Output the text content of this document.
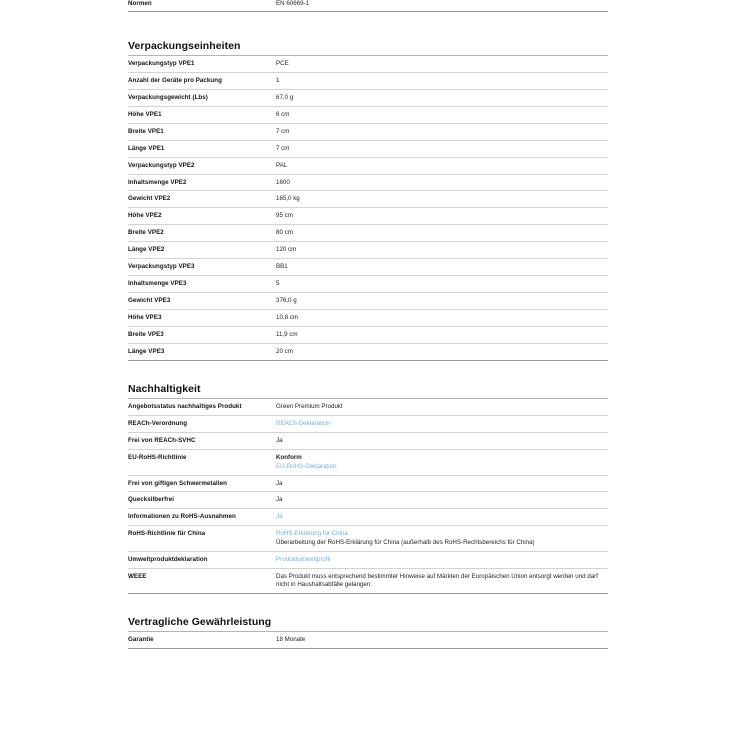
Normen	EN 60669-1
Verpackungseinheiten
Verpackungstyp VPE1	PCE
Anzahl der Geräte pro Packung	1
Verpackungsgewicht (Lbs)	67,0 g
Höhe VPE1	6 cm
Breite VPE1	7 cm
Länge VPE1	7 cm
Verpackungstyp VPE2	PAL
Inhaltsmenge VPE2	1600
Gewicht VPE2	165,0 kg
Höhe VPE2	95 cm
Breite VPE2	80 cm
Länge VPE2	120 cm
Verpackungstyp VPE3	BB1
Inhaltsmenge VPE3	5
Gewicht VPE3	376,0 g
Höhe VPE3	10,8 cm
Breite VPE3	11,9 cm
Länge VPE3	20 cm
Nachhaltigkeit
Angebotsstatus nachhaltiges Produkt	Green Premium Produkt
REACh-Verordnung	REACh-Deklaration

Frei von REACh-SVHC	Ja
EU-RoHS-Richtlinie	Konform
EU-RoHS-Deklaration

Frei von giftigen Schwermetallen	Ja
Quecksilberfrei	Ja
Informationen zu RoHS-Ausnahmen	Ja

RoHS-Richtlinie für China	RoHS-Erklärung für China
Überarbeitung der RoHS-Erklärung für China (außerhalb des RoHS-Rechtsbereichs für China)

Umweltproduktdeklaration	Produktumweltprofil

WEEE	Das Produkt muss entsprechend bestimmter Hinweise auf Märkten der Europäischen Union entsorgt werden und darf nicht in Haushaltsabfälle gelangen.
Vertragliche Gewährleistung
Garantie	18 Monate
